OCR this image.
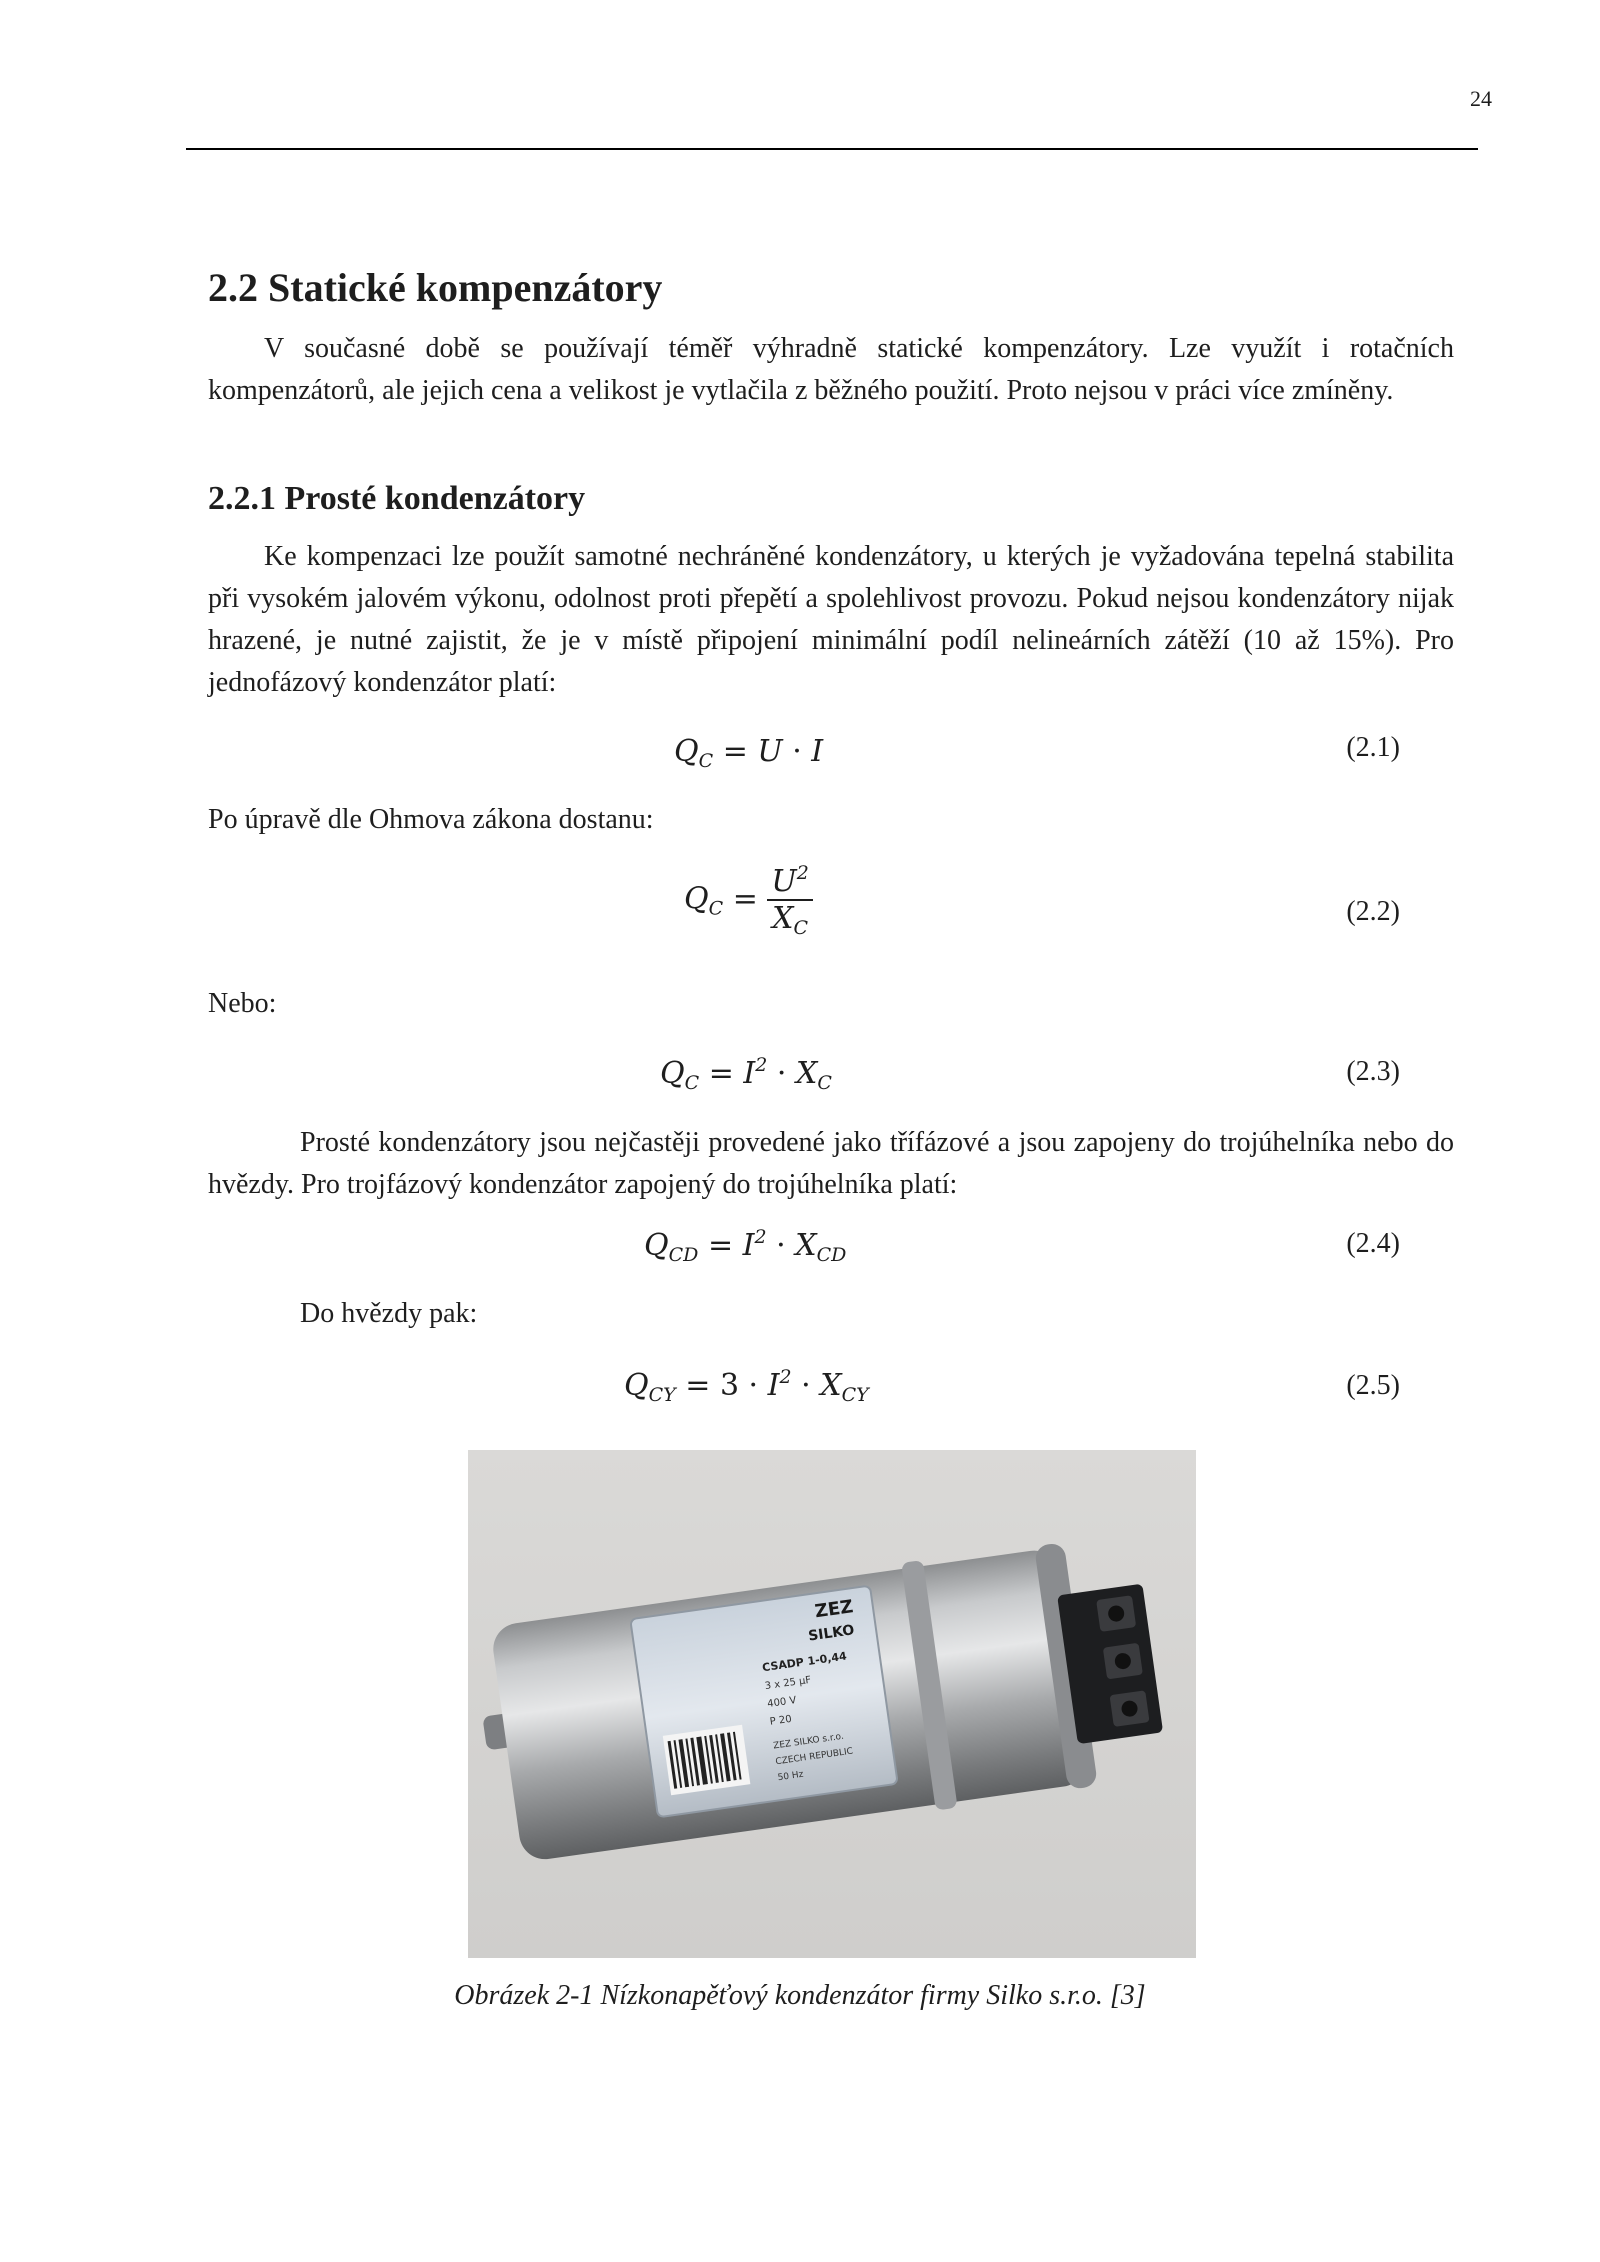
24
2.2 Statické kompenzátory

V současné době se používají téměř výhradně statické kompenzátory. Lze využít i rotačních kompenzátorů, ale jejich cena a velikost je vytlačila z běžného použití. Proto nejsou v práci více zmíněny.

2.2.1 Prosté kondenzátory

Ke kompenzaci lze použít samotné nechráněné kondenzátory, u kterých je vyžadována tepelná stabilita při vysokém jalovém výkonu, odolnost proti přepětí a spolehlivost provozu. Pokud nejsou kondenzátory nijak hrazené, je nutné zajistit, že je v místě připojení minimální podíl nelineárních zátěží (10 až 15%). Pro jednofázový kondenzátor platí:

$Q_C = U \cdot I$	(2.1)
Po úpravě dle Ohmova zákona dostanu:
$Q_C = \frac{U^2}{X_C}$	(2.2)
Nebo:
$Q_C = I^2 \cdot X_C$	(2.3)

Prosté kondenzátory jsou nejčastěji provedené jako třífázové a jsou zapojeny do trojúhelníka nebo do hvězdy. Pro trojfázový kondenzátor zapojený do trojúhelníka platí:

$Q_{CD} = I^2 \cdot X_{CD}$	(2.4)
Do hvězdy pak:
$Q_{CY} = 3 \cdot I^2 \cdot X_{CY}$	(2.5)
ZEZ
SILKO
CSADP 1-0,44
3 x 25 µF
400 V
P 20
ZEZ SILKO s.r.o.
CZECH REPUBLIC
50 Hz
Obrázek 2-1 Nízkonapěťový kondenzátor firmy Silko s.r.o. [3]
